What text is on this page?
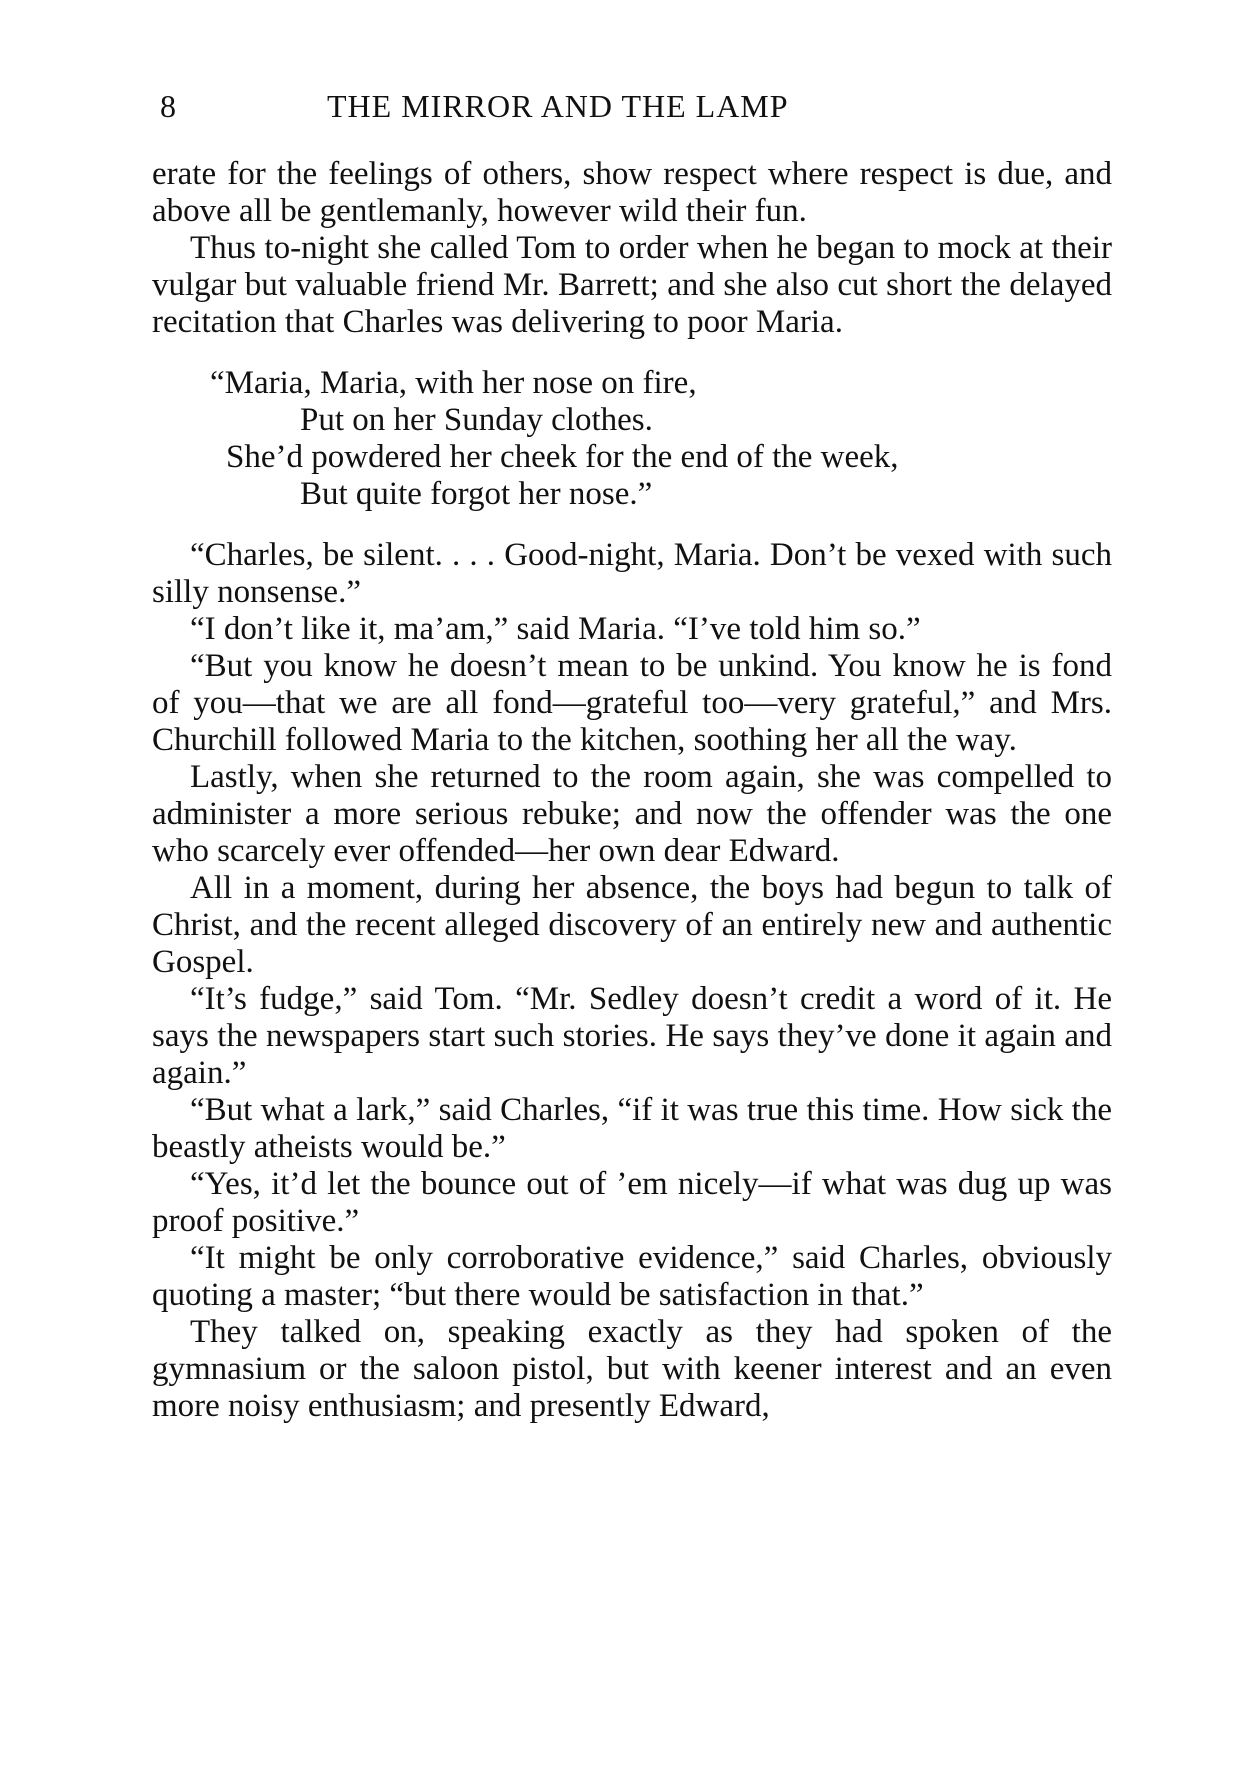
8	THE MIRROR AND THE LAMP

erate for the feelings of others, show respect where respect is due, and above all be gentlemanly, however wild their fun.

Thus to-night she called Tom to order when he began to mock at their vulgar but valuable friend Mr. Barrett; and she also cut short the delayed recitation that Charles was delivering to poor Maria.

“Maria, Maria, with her nose on fire,
Put on her Sunday clothes.
She’d powdered her cheek for the end of the week,
But quite forgot her nose.”

“Charles, be silent. . . . Good-night, Maria. Don’t be vexed with such silly nonsense.”

“I don’t like it, ma’am,” said Maria. “I’ve told him so.”

“But you know he doesn’t mean to be unkind. You know he is fond of you—that we are all fond—grateful too—very grateful,” and Mrs. Churchill followed Maria to the kitchen, soothing her all the way.

Lastly, when she returned to the room again, she was compelled to administer a more serious rebuke; and now the offender was the one who scarcely ever offended—her own dear Edward.

All in a moment, during her absence, the boys had begun to talk of Christ, and the recent alleged discovery of an entirely new and authentic Gospel.

“It’s fudge,” said Tom. “Mr. Sedley doesn’t credit a word of it. He says the newspapers start such stories. He says they’ve done it again and again.”

“But what a lark,” said Charles, “if it was true this time. How sick the beastly atheists would be.”

“Yes, it’d let the bounce out of ’em nicely—if what was dug up was proof positive.”

“It might be only corroborative evidence,” said Charles, obviously quoting a master; “but there would be satisfaction in that.”

They talked on, speaking exactly as they had spoken of the gymnasium or the saloon pistol, but with keener interest and an even more noisy enthusiasm; and presently Edward,
